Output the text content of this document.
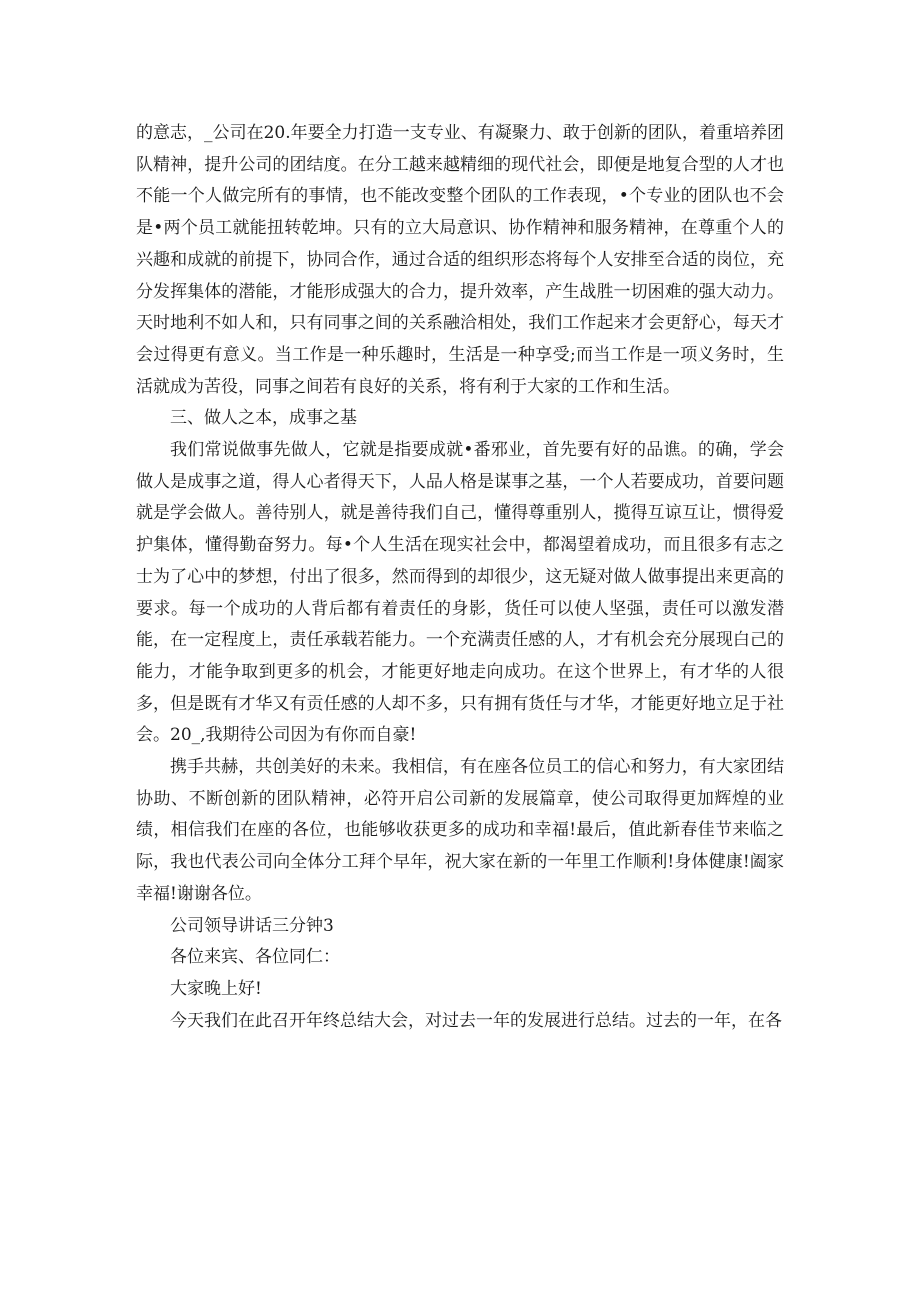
的意志，_公司在20.年要全力打造一支专业、有凝聚力、敢于创新的团队，着重培养团队精神，提升公司的团结度。在分工越来越精细的现代社会，即便是地复合型的人才也不能一个人做完所有的事情，也不能改变整个团队的工作表现，•个专业的团队也不会是•两个员工就能扭转乾坤。只有的立大局意识、协作精神和服务精神，在尊重个人的兴趣和成就的前提下，协同合作，通过合适的组织形态将每个人安排至合适的岗位，充分发挥集体的潜能，才能形成强大的合力，提升效率，产生战胜一切困难的强大动力。天时地利不如人和，只有同事之间的关系融洽相处，我们工作起来才会更舒心，每天才会过得更有意义。当工作是一种乐趣时，生活是一种享受;而当工作是一项义务时，生活就成为苦役，同事之间若有良好的关系，将有利于大家的工作和生活。

三、做人之本，成事之基

我们常说做事先做人，它就是指要成就•番邪业，首先要有好的品谯。的确，学会做人是成事之道，得人心者得天下，人品人格是谋事之基，一个人若要成功，首要问题就是学会做人。善待别人，就是善待我们自己，懂得尊重别人，揽得互谅互让，惯得爱护集体，懂得勤奋努力。每•个人生活在现实社会中，都渴望着成功，而且很多有志之士为了心中的梦想，付出了很多，然而得到的却很少，这无疑对做人做事提出来更高的要求。每一个成功的人背后都有着责任的身影，货任可以使人坚强，责任可以激发潜能，在一定程度上，责任承载若能力。一个充满责任感的人，才有机会充分展现白己的能力，才能争取到更多的机会，才能更好地走向成功。在这个世界上，有才华的人很多，但是既有才华又有贡任感的人却不多，只有拥有货任与才华，才能更好地立足于社会。20_,我期待公司因为有你而自豪!

携手共赫，共创美好的未来。我相信，有在座各位员工的信心和努力，有大家团结协助、不断创新的团队精神，必符开启公司新的发展篇章，使公司取得更加辉煌的业绩，相信我们在座的各位，也能够收获更多的成功和幸福!最后，值此新春佳节来临之际，我也代表公司向全体分工拜个早年，祝大家在新的一年里工作顺利!身体健康!阖家幸福!谢谢各位。

公司领导讲话三分钟3

各位来宾、各位同仁：

大家晚上好!

今天我们在此召开年终总结大会，对过去一年的发展进行总结。过去的一年，在各
